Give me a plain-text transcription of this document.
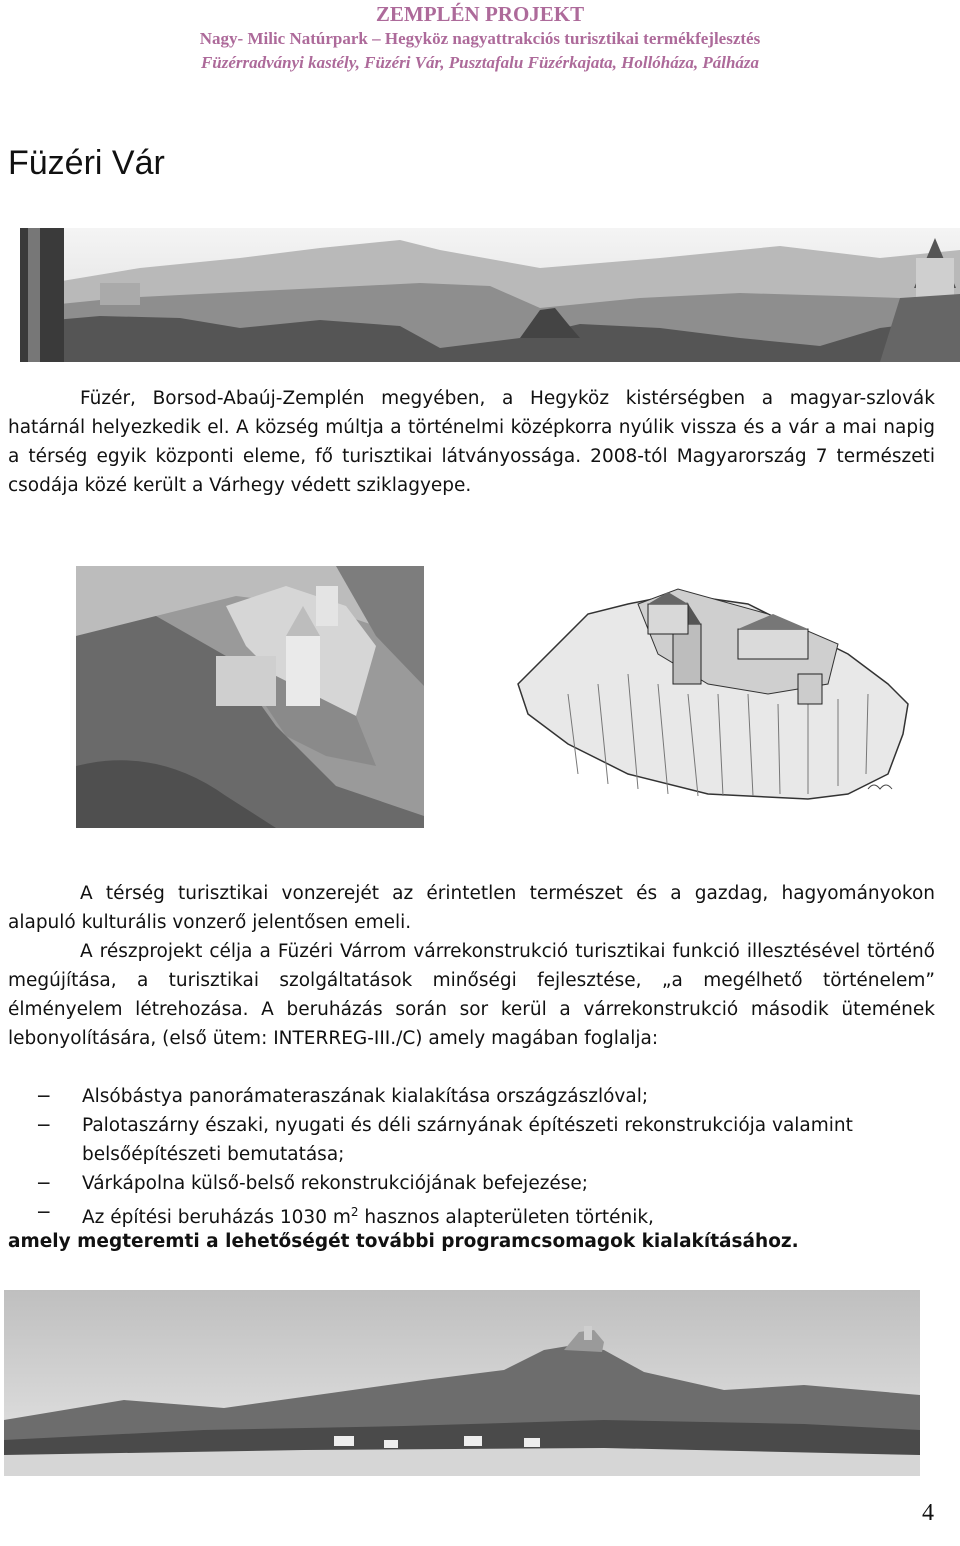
ZEMPLÉN PROJEKT
Nagy- Milic Natúrpark – Hegyköz nagyattrakciós turisztikai termékfejlesztés
Füzérradványi kastély, Füzéri Vár, Pusztafalu Füzérkajata, Hollóháza, Pálháza
Füzéri Vár

Füzér, Borsod-Abaúj-Zemplén megyében, a Hegyköz kistérségben a magyar-szlovák határnál helyezkedik el. A község múltja a történelmi középkorra nyúlik vissza és a vár a mai napig a térség egyik központi eleme, fő turisztikai látványossága. 2008-tól Magyarország 7 természeti csodája közé került a Várhegy védett sziklagyepe.

A térség turisztikai vonzerejét az érintetlen természet és a gazdag, hagyományokon alapuló kulturális vonzerő jelentősen emeli.

A részprojekt célja a Füzéri Várrom várrekonstrukció turisztikai funkció illesztésével történő megújítása, a turisztikai szolgáltatások minőségi fejlesztése, „a megélhető történelem” élményelem létrehozása. A beruházás során sor kerül a várrekonstrukció második ütemének lebonyolítására, (első ütem: INTERREG-III./C) amely magában foglalja:

− Alsóbástya panorámateraszának kialakítása országzászlóval;
− Palotaszárny északi, nyugati és déli szárnyának építészeti rekonstrukciója valamint belsőépítészeti bemutatása;
− Várkápolna külső-belső rekonstrukciójának befejezése;
− Az építési beruházás 1030 $m^2$ hasznos alapterületen történik,

amely megteremti a lehetőségét további programcsomagok kialakításához.

4
